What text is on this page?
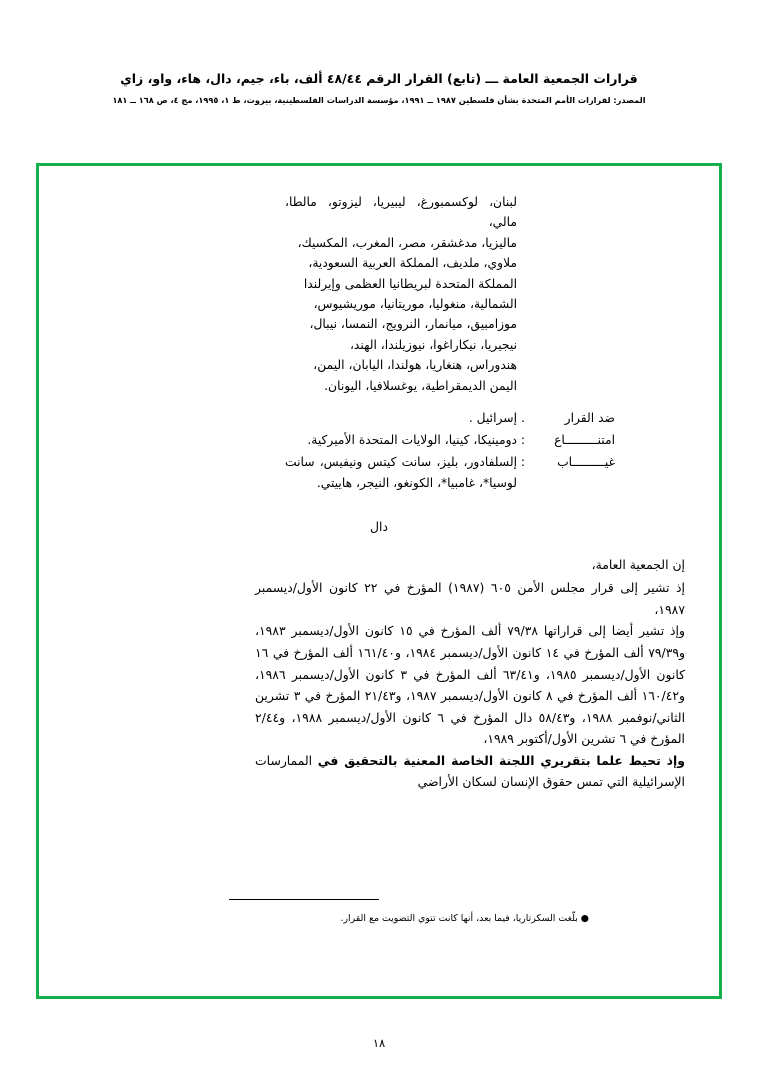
قرارات الجمعية العامة ـــ (تابع) القرار الرقم ٤٨/٤٤ ألف، باء، جيم، دال، هاء، واو، زاي
المصدر: لقرارات الأمم المتحدة بشأن فلسطين ١٩٨٧ ــ ١٩٩١، مؤسسة الدراسات الفلسطينية، بيروت، ط ١، ١٩٩٥، مج ٤، ص ١٦٨ ــ ١٨١
لبنان، لوكسمبورغ، ليبيريا، ليزوتو، مالطا، مالي،
ماليزيا، مدغشقر، مصر، المغرب، المكسيك،
ملاوي، ملديف، المملكة العربية السعودية،
المملكة المتحدة لبريطانيا العظمى وإيرلندا
الشمالية، منغوليا، موريتانيا، موريشيوس،
موزامبيق، ميانمار، النرويج، النمسا، نيبال،
نيجيريا، نيكاراغوا، نيوزيلندا، الهند،
هندوراس، هنغاريا، هولندا، اليابان، اليمن،
اليمن الديمقراطية، يوغسلافيا، اليونان.
ضد القرار
.
إسرائيل .
امتنـــــــــاع
:
دومينيكا، كينيا، الولايات المتحدة الأميركية.
غيـــــــــاب
:
إلسلفادور، بليز، سانت كيتس ونيفيس، سانت لوسيا*، غامبيا*، الكونغو، النيجر، هاييتي.
دال

إن الجمعية العامة،

إذ تشير إلى قرار مجلس الأمن ٦٠٥ (١٩٨٧) المؤرخ في ٢٢ كانون الأول/ديسمبر ١٩٨٧،

وإذ تشير أيضا إلى قراراتها ٧٩/٣٨ ألف المؤرخ في ١٥ كانون الأول/ديسمبر ١٩٨٣، و٧٩/٣٩ ألف المؤرخ في ١٤ كانون الأول/ديسمبر ١٩٨٤، و١٦١/٤٠ ألف المؤرخ في ١٦ كانون الأول/ديسمبر ١٩٨٥، و٦٣/٤١ ألف المؤرخ في ٣ كانون الأول/ديسمبر ١٩٨٦، و١٦٠/٤٢ ألف المؤرخ في ٨ كانون الأول/ديسمبر ١٩٨٧، و٢١/٤٣ المؤرخ في ٣ تشرين الثاني/نوفمبر ١٩٨٨، و٥٨/٤٣ دال المؤرخ في ٦ كانون الأول/ديسمبر ١٩٨٨، و٢/٤٤ المؤرخ في ٦ تشرين الأول/أكتوبر ١٩٨٩،

وإذ تحيط علما بتقريري اللجنة الخاصة المعنية بالتحقيق في الممارسات الإسرائيلية التي تمس حقوق الإنسان لسكان الأراضي

● بلّغت السكرتاريا، فيما بعد، أنها كانت تنوي التصويت مع القرار.
١٨
